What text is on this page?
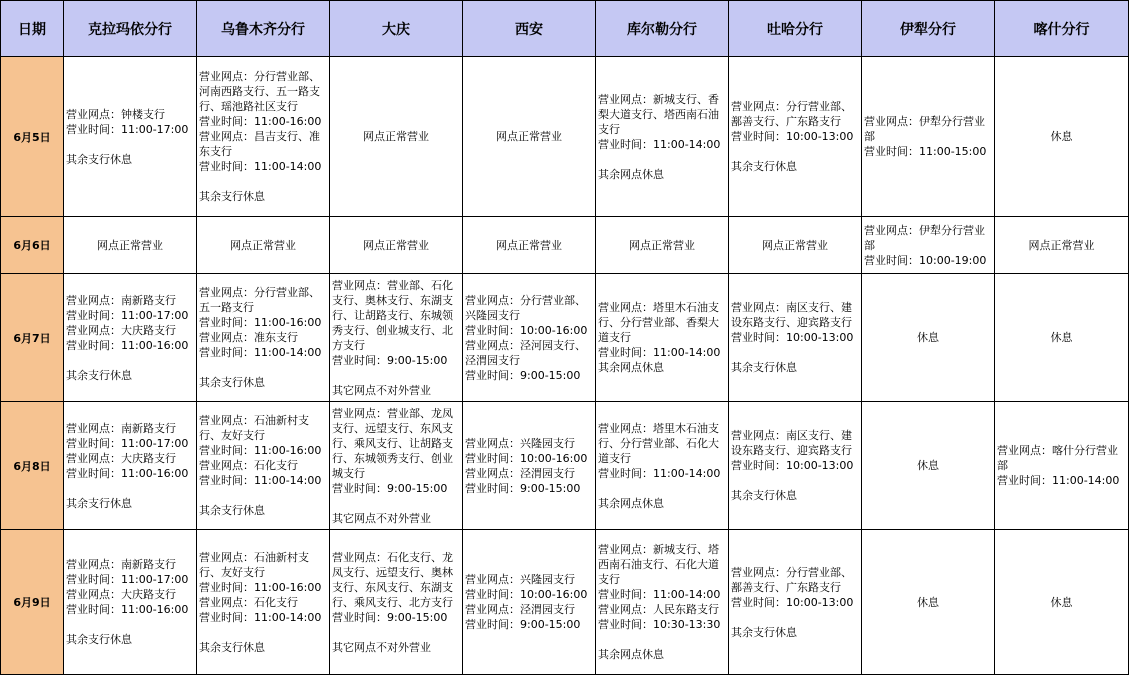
日期	克拉玛依分行	乌鲁木齐分行	大庆	西安	库尔勒分行	吐哈分行	伊犁分行	喀什分行
6月5日	营业网点：钟楼支行
营业时间：11:00-17:00
其余支行休息	营业网点：分行营业部、河南西路支行、五一路支行、瑶池路社区支行
营业时间：11:00-16:00
营业网点：昌吉支行、准东支行
营业时间：11:00-14:00
其余支行休息	网点正常营业	网点正常营业	营业网点：新城支行、香梨大道支行、塔西南石油支行
营业时间：11:00-14:00
其余网点休息	营业网点：分行营业部、鄯善支行、广东路支行
营业时间：10:00-13:00
其余支行休息	营业网点：伊犁分行营业部
营业时间：11:00-15:00	休息

6月6日	网点正常营业	网点正常营业	网点正常营业	网点正常营业	网点正常营业	网点正常营业	营业网点：伊犁分行营业部
营业时间：10:00-19:00	网点正常营业

6月7日	营业网点：南新路支行
营业时间：11:00-17:00
营业网点：大庆路支行
营业时间：11:00-16:00
其余支行休息	营业网点：分行营业部、五一路支行
营业时间：11:00-16:00
营业网点：准东支行
营业时间：11:00-14:00
其余支行休息	营业网点：营业部、石化支行、奥林支行、东湖支行、让胡路支行、东城领秀支行、创业城支行、北方支行
营业时间：9:00-15:00
其它网点不对外营业	营业网点：分行营业部、兴隆园支行
营业时间：10:00-16:00
营业网点：泾河园支行、泾渭园支行
营业时间：9:00-15:00	营业网点：塔里木石油支行、分行营业部、香梨大道支行
营业时间：11:00-14:00
其余网点休息	营业网点：南区支行、建设东路支行、迎宾路支行
营业时间：10:00-13:00
其余支行休息	休息	休息

6月8日	营业网点：南新路支行
营业时间：11:00-17:00
营业网点：大庆路支行
营业时间：11:00-16:00
其余支行休息	营业网点：石油新村支行、友好支行
营业时间：11:00-16:00
营业网点：石化支行
营业时间：11:00-14:00
其余支行休息	营业网点：营业部、龙凤支行、远望支行、东风支行、乘风支行、让胡路支行、东城领秀支行、创业城支行
营业时间：9:00-15:00
其它网点不对外营业	营业网点：兴隆园支行
营业时间：10:00-16:00
营业网点：泾渭园支行
营业时间：9:00-15:00	营业网点：塔里木石油支行、分行营业部、石化大道支行
营业时间：11:00-14:00
其余网点休息	营业网点：南区支行、建设东路支行、迎宾路支行
营业时间：10:00-13:00
其余支行休息	休息	营业网点：喀什分行营业部
营业时间：11:00-14:00

6月9日	营业网点：南新路支行
营业时间：11:00-17:00
营业网点：大庆路支行
营业时间：11:00-16:00
其余支行休息	营业网点：石油新村支行、友好支行
营业时间：11:00-16:00
营业网点：石化支行
营业时间：11:00-14:00
其余支行休息	营业网点：石化支行、龙凤支行、远望支行、奥林支行、东风支行、东湖支行、乘风支行、北方支行
营业时间：9:00-15:00
其它网点不对外营业	营业网点：兴隆园支行
营业时间：10:00-16:00
营业网点：泾渭园支行
营业时间：9:00-15:00	营业网点：新城支行、塔西南石油支行、石化大道支行
营业时间：11:00-14:00
营业网点：人民东路支行
营业时间：10:30-13:30
其余网点休息	营业网点：分行营业部、鄯善支行、广东路支行
营业时间：10:00-13:00
其余支行休息	休息	休息
